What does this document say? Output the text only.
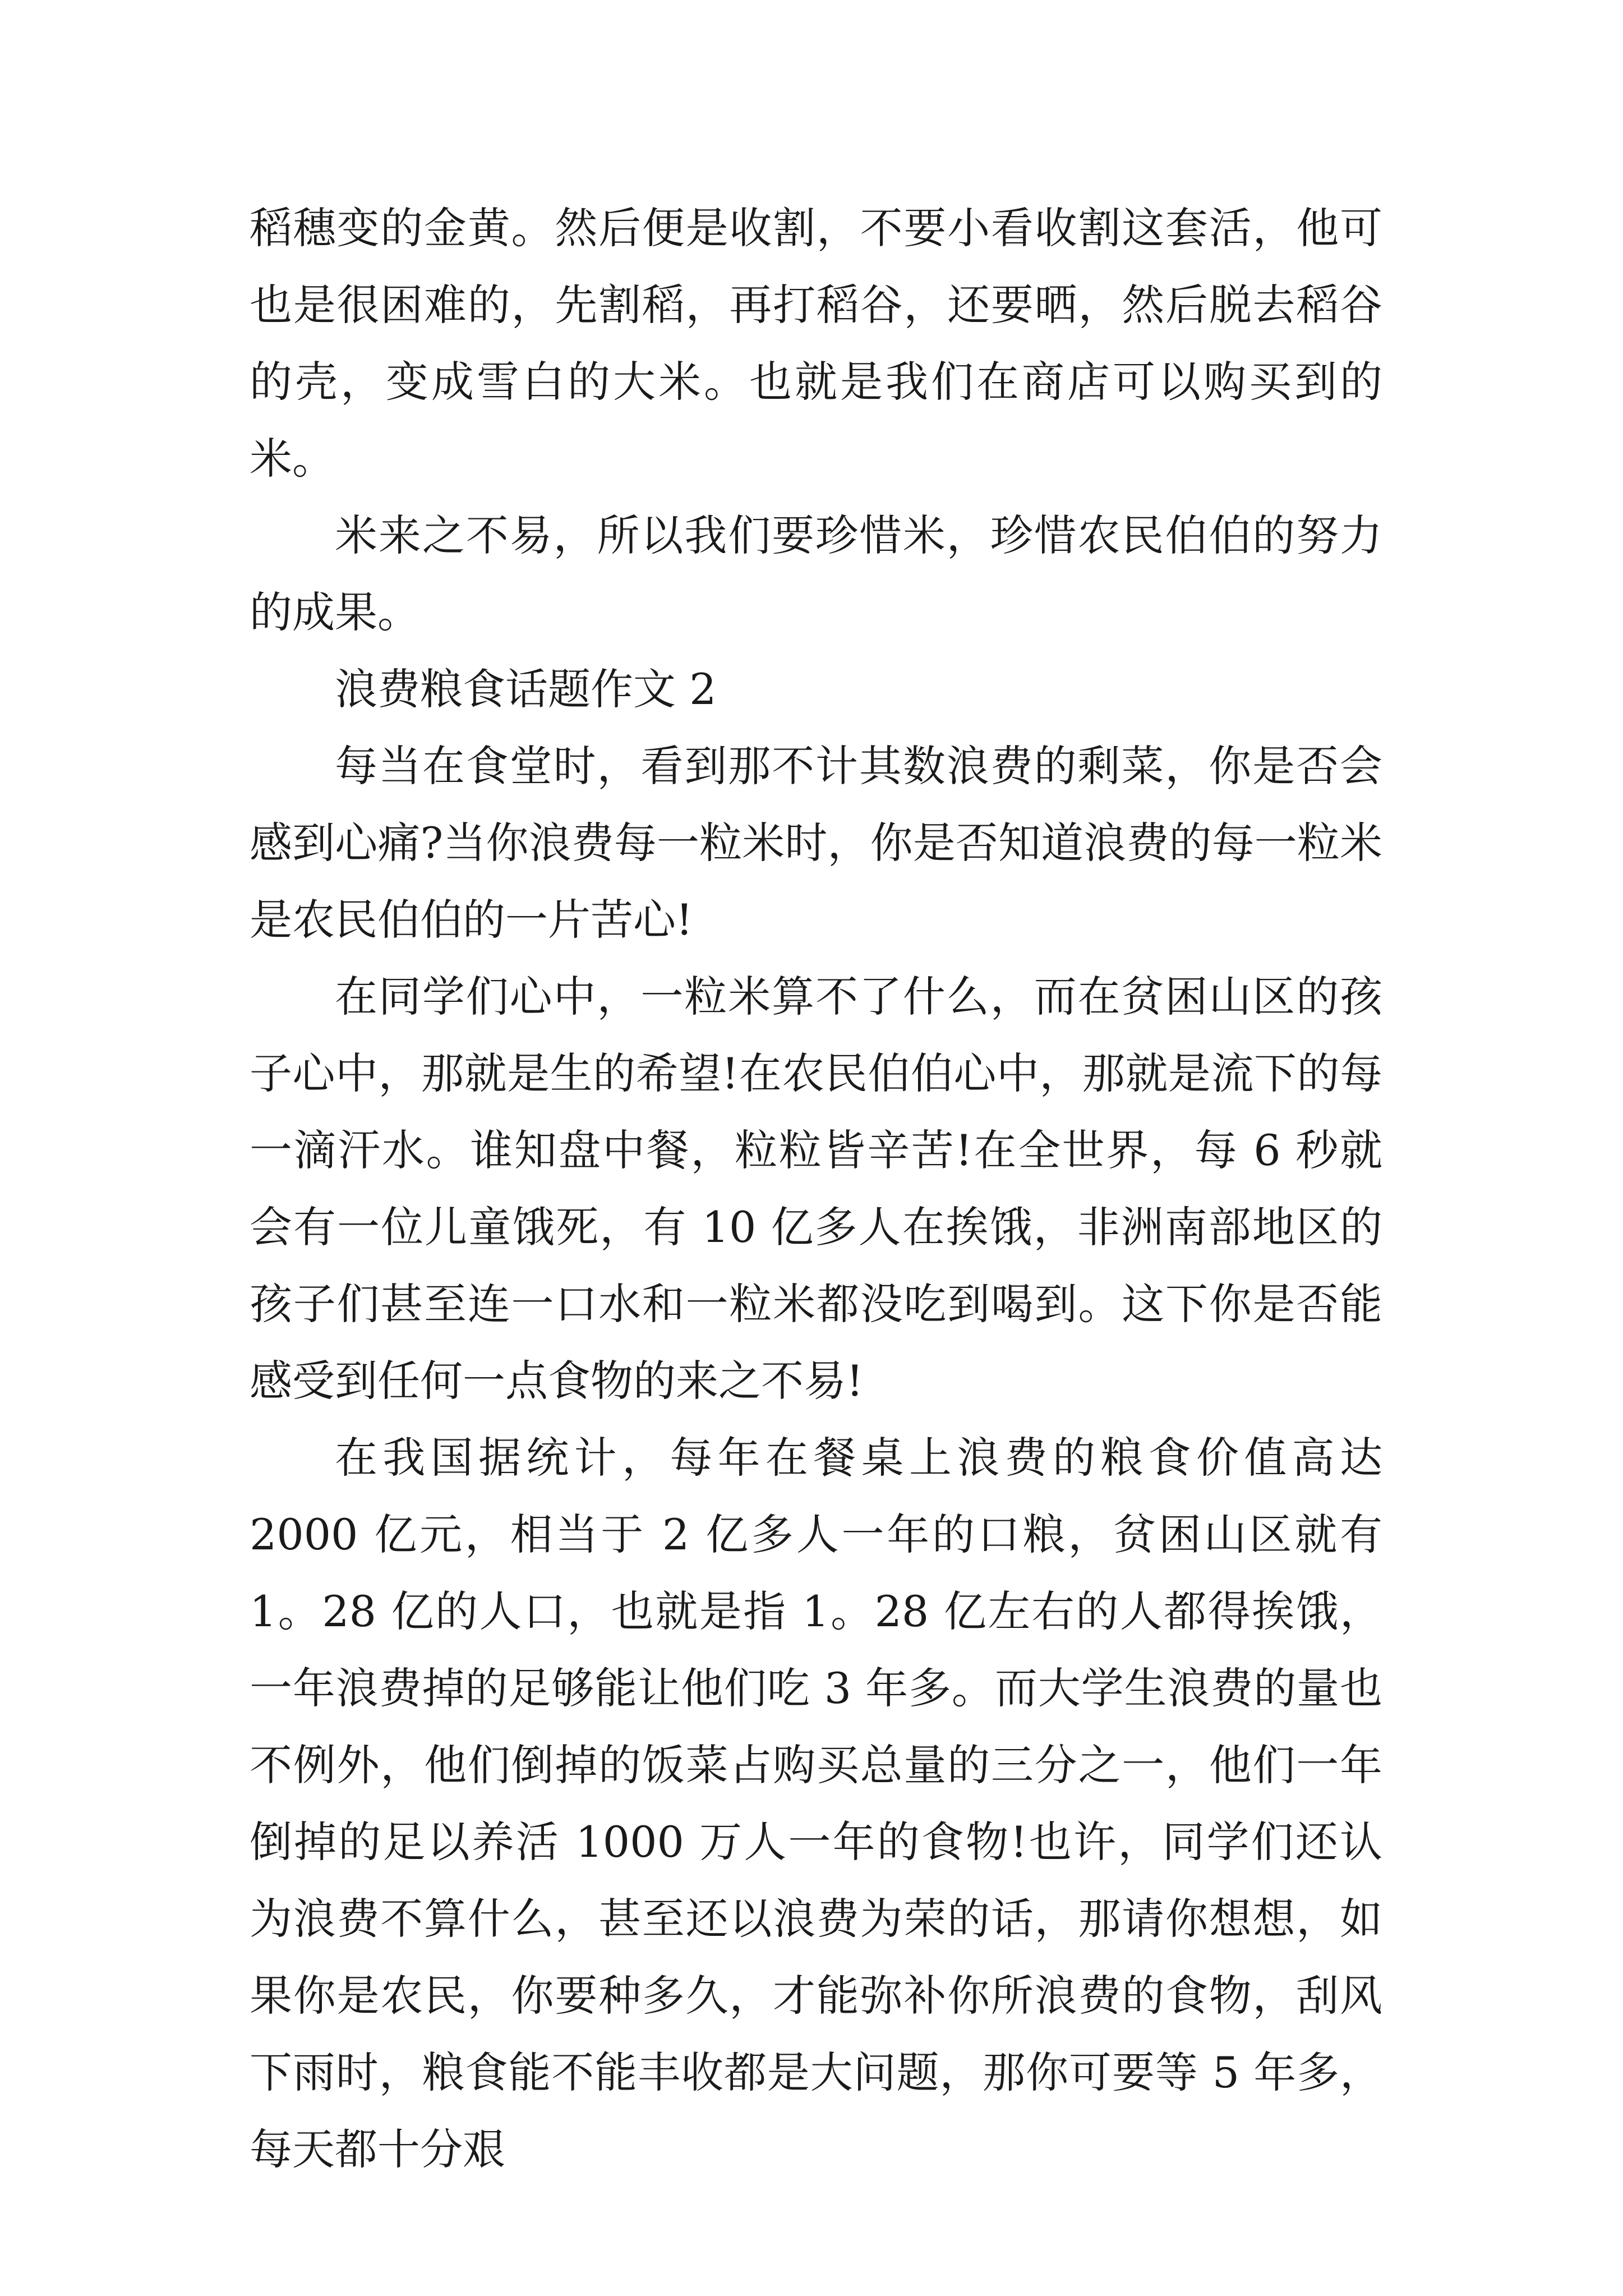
稻穗变的金黄。然后便是收割，不要小看收割这套活，他可也是很困难的，先割稻，再打稻谷，还要晒，然后脱去稻谷的壳，变成雪白的大米。也就是我们在商店可以购买到的米。

米来之不易，所以我们要珍惜米，珍惜农民伯伯的努力的成果。

浪费粮食话题作文 2

每当在食堂时，看到那不计其数浪费的剩菜，你是否会感到心痛?当你浪费每一粒米时，你是否知道浪费的每一粒米是农民伯伯的一片苦心!

在同学们心中，一粒米算不了什么，而在贫困山区的孩子心中，那就是生的希望!在农民伯伯心中，那就是流下的每一滴汗水。谁知盘中餐，粒粒皆辛苦!在全世界，每 6 秒就会有一位儿童饿死，有 10 亿多人在挨饿，非洲南部地区的孩子们甚至连一口水和一粒米都没吃到喝到。这下你是否能感受到任何一点食物的来之不易!

在我国据统计，每年在餐桌上浪费的粮食价值高达 2000 亿元，相当于 2 亿多人一年的口粮，贫困山区就有 1。28 亿的人口，也就是指 1。28 亿左右的人都得挨饿，一年浪费掉的足够能让他们吃 3 年多。而大学生浪费的量也不例外，他们倒掉的饭菜占购买总量的三分之一，他们一年倒掉的足以养活 1000 万人一年的食物!也许，同学们还认为浪费不算什么，甚至还以浪费为荣的话，那请你想想，如果你是农民，你要种多久，才能弥补你所浪费的食物，刮风下雨时，粮食能不能丰收都是大问题，那你可要等 5 年多，每天都十分艰
